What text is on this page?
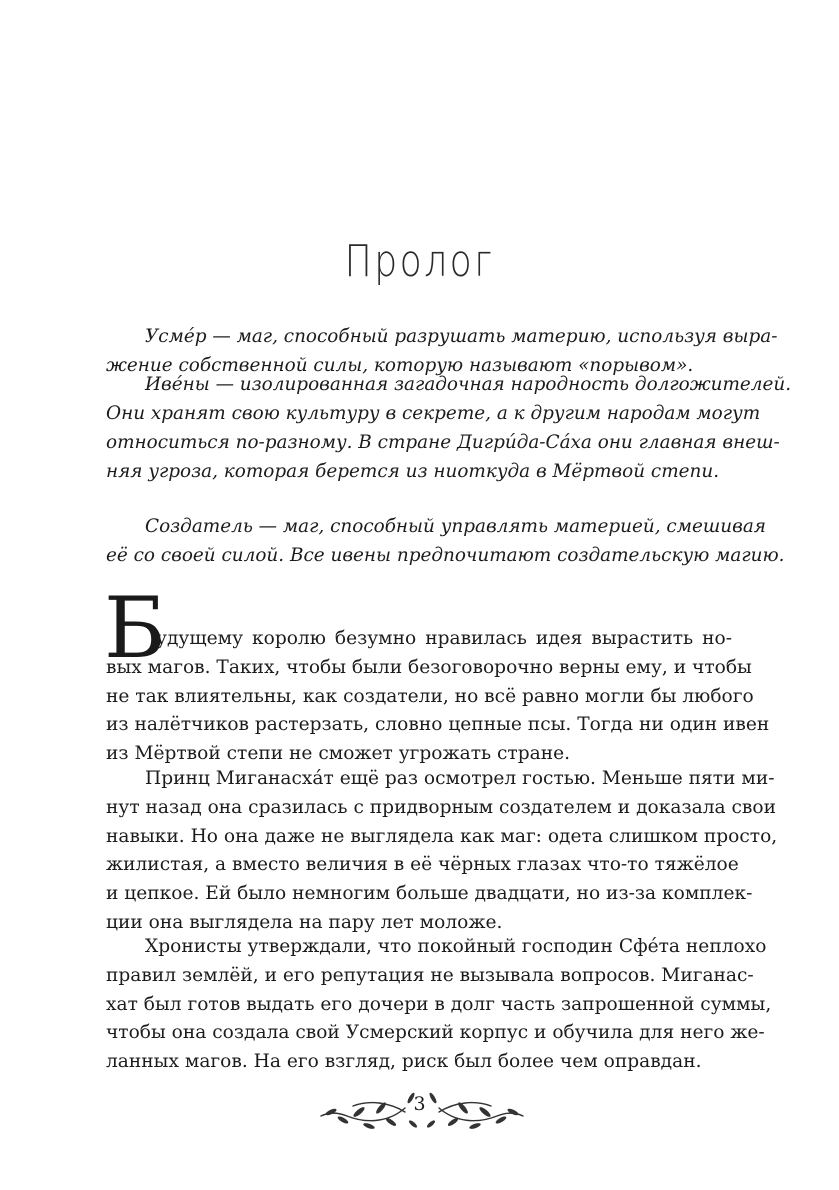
Пролог

Усме́р — маг, способный разрушать материю, используя выра-
жение собственной силы, которую называют «порывом».

Иве́ны — изолированная загадочная народность долгожителей.
Они хранят свою культуру в секрете, а к другим народам могут
относиться по-разному. В стране Дигри́да-Са́ха они главная внеш-
няя угроза, которая берется из ниоткуда в Мёртвой степи.

Создатель — маг, способный управлять материей, смешивая
её со своей силой. Все ивены предпочитают создательскую магию.

Б

удущему королю безумно нравилась идея вырастить но-
вых магов. Таких, чтобы были безоговорочно верны ему, и чтобы
не так влиятельны, как создатели, но всё равно могли бы любого
из налётчиков растерзать, словно цепные псы. Тогда ни один ивен
из Мёртвой степи не сможет угрожать стране.

Принц Миганасха́т ещё раз осмотрел гостью. Меньше пяти ми-
нут назад она сразилась с придворным создателем и доказала свои
навыки. Но она даже не выглядела как маг: одета слишком просто,
жилистая, а вместо величия в её чёрных глазах что-то тяжёлое
и цепкое. Ей было немногим больше двадцати, но из-за комплек-
ции она выглядела на пару лет моложе.

Хронисты утверждали, что покойный господин Сфе́та неплохо
правил землёй, и его репутация не вызывала вопросов. Миганас-
хат был готов выдать его дочери в долг часть запрошенной суммы,
чтобы она создала свой Усмерский корпус и обучила для него же-
ланных магов. На его взгляд, риск был более чем оправдан.

3
